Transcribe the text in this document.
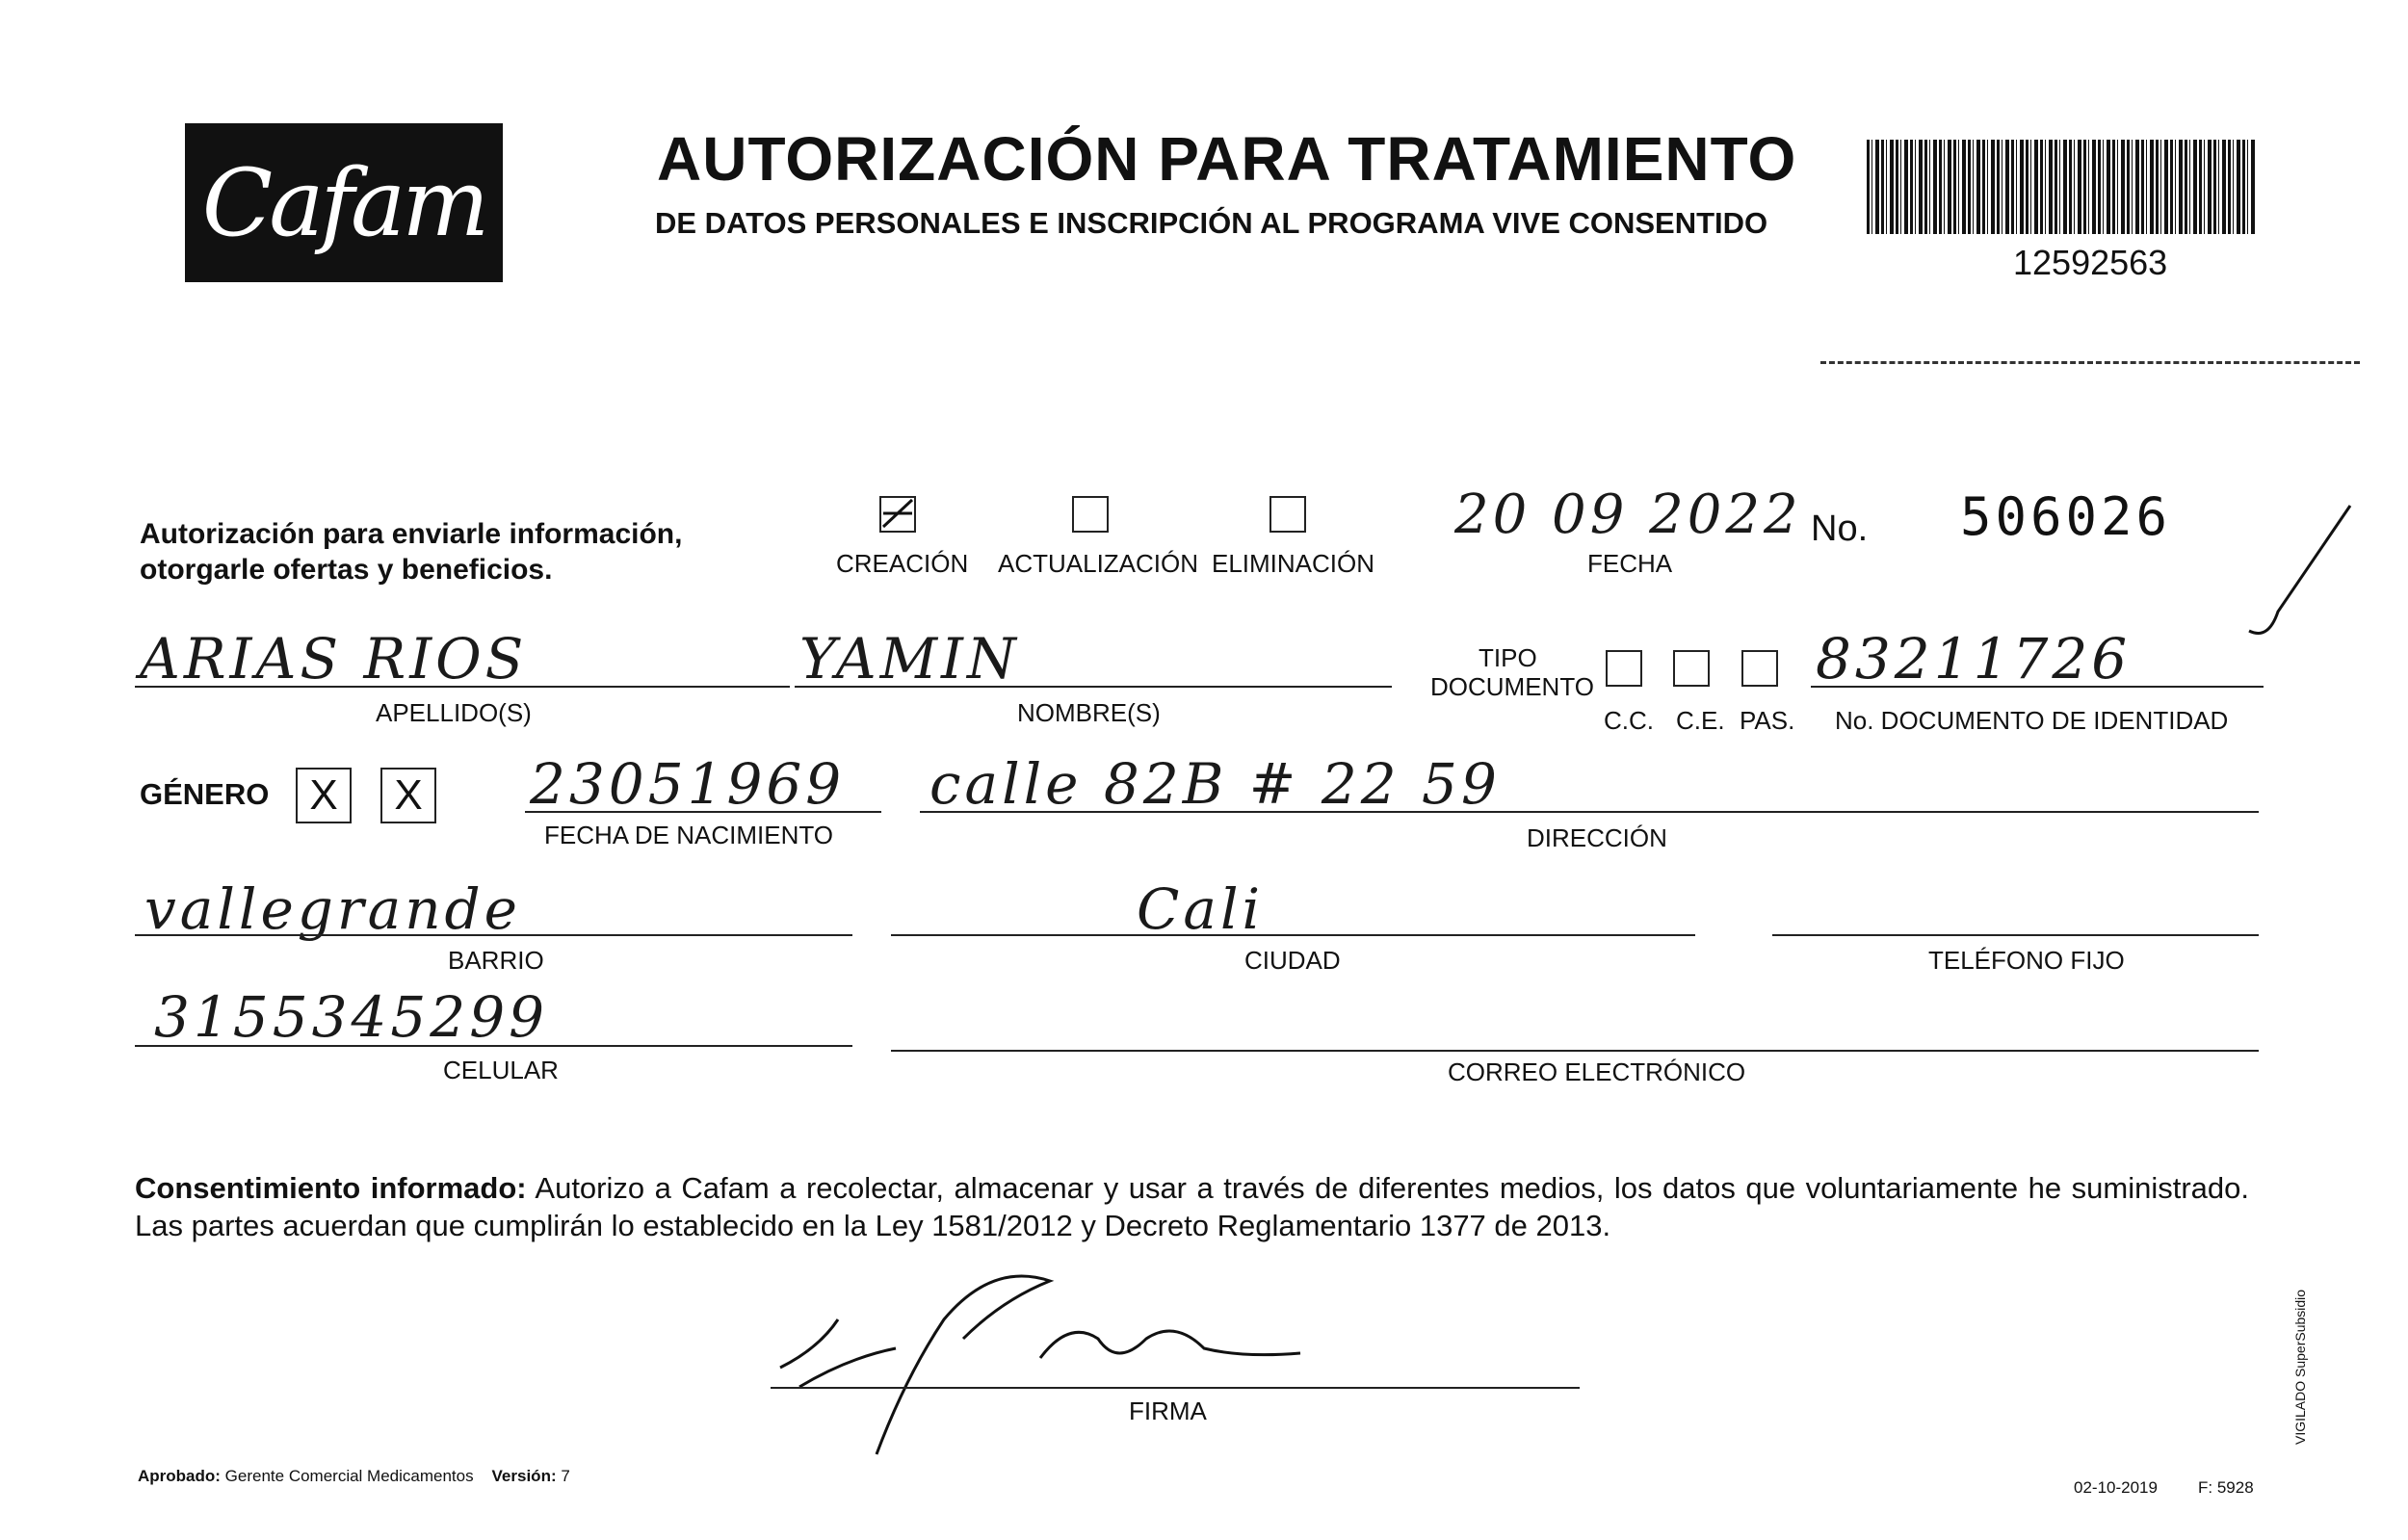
Cafam	AUTORIZACIÓN PARA TRATAMIENTO
DE DATOS PERSONALES E INSCRIPCIÓN AL PROGRAMA VIVE CONSENTIDO
12592563
Autorización para enviarle información,
otorgarle ofertas y beneficios.	CREACIÓN ACTUALIZACIÓN ELIMINACIÓN
20 09 2022
FECHA
No. 506026
ARIAS RIOS
APELLIDO(S)
YAMIN
NOMBRE(S)
TIPO
DOCUMENTO
C.C. C.E. PAS.
83211726
No. DOCUMENTO DE IDENTIDAD
GÉNERO X	X 23051969
FECHA DE NACIMIENTO
calle 82B # 22 59
DIRECCIÓN
vallegrande
BARRIO
Cali
CIUDAD	TELÉFONO FIJO
3155345299
CELULAR	CORREO ELECTRÓNICO
Consentimiento informado: Autorizo a Cafam a recolectar, almacenar y usar a través de diferentes medios, los datos que voluntariamente he suministrado. Las partes acuerdan que cumplirán lo establecido en la Ley 1581/2012 y Decreto Reglamentario 1377 de 2013.
FIRMA
Aprobado: Gerente Comercial Medicamentos Versión: 7
02-10-2019 F: 5928
VIGILADO SuperSubsidio
